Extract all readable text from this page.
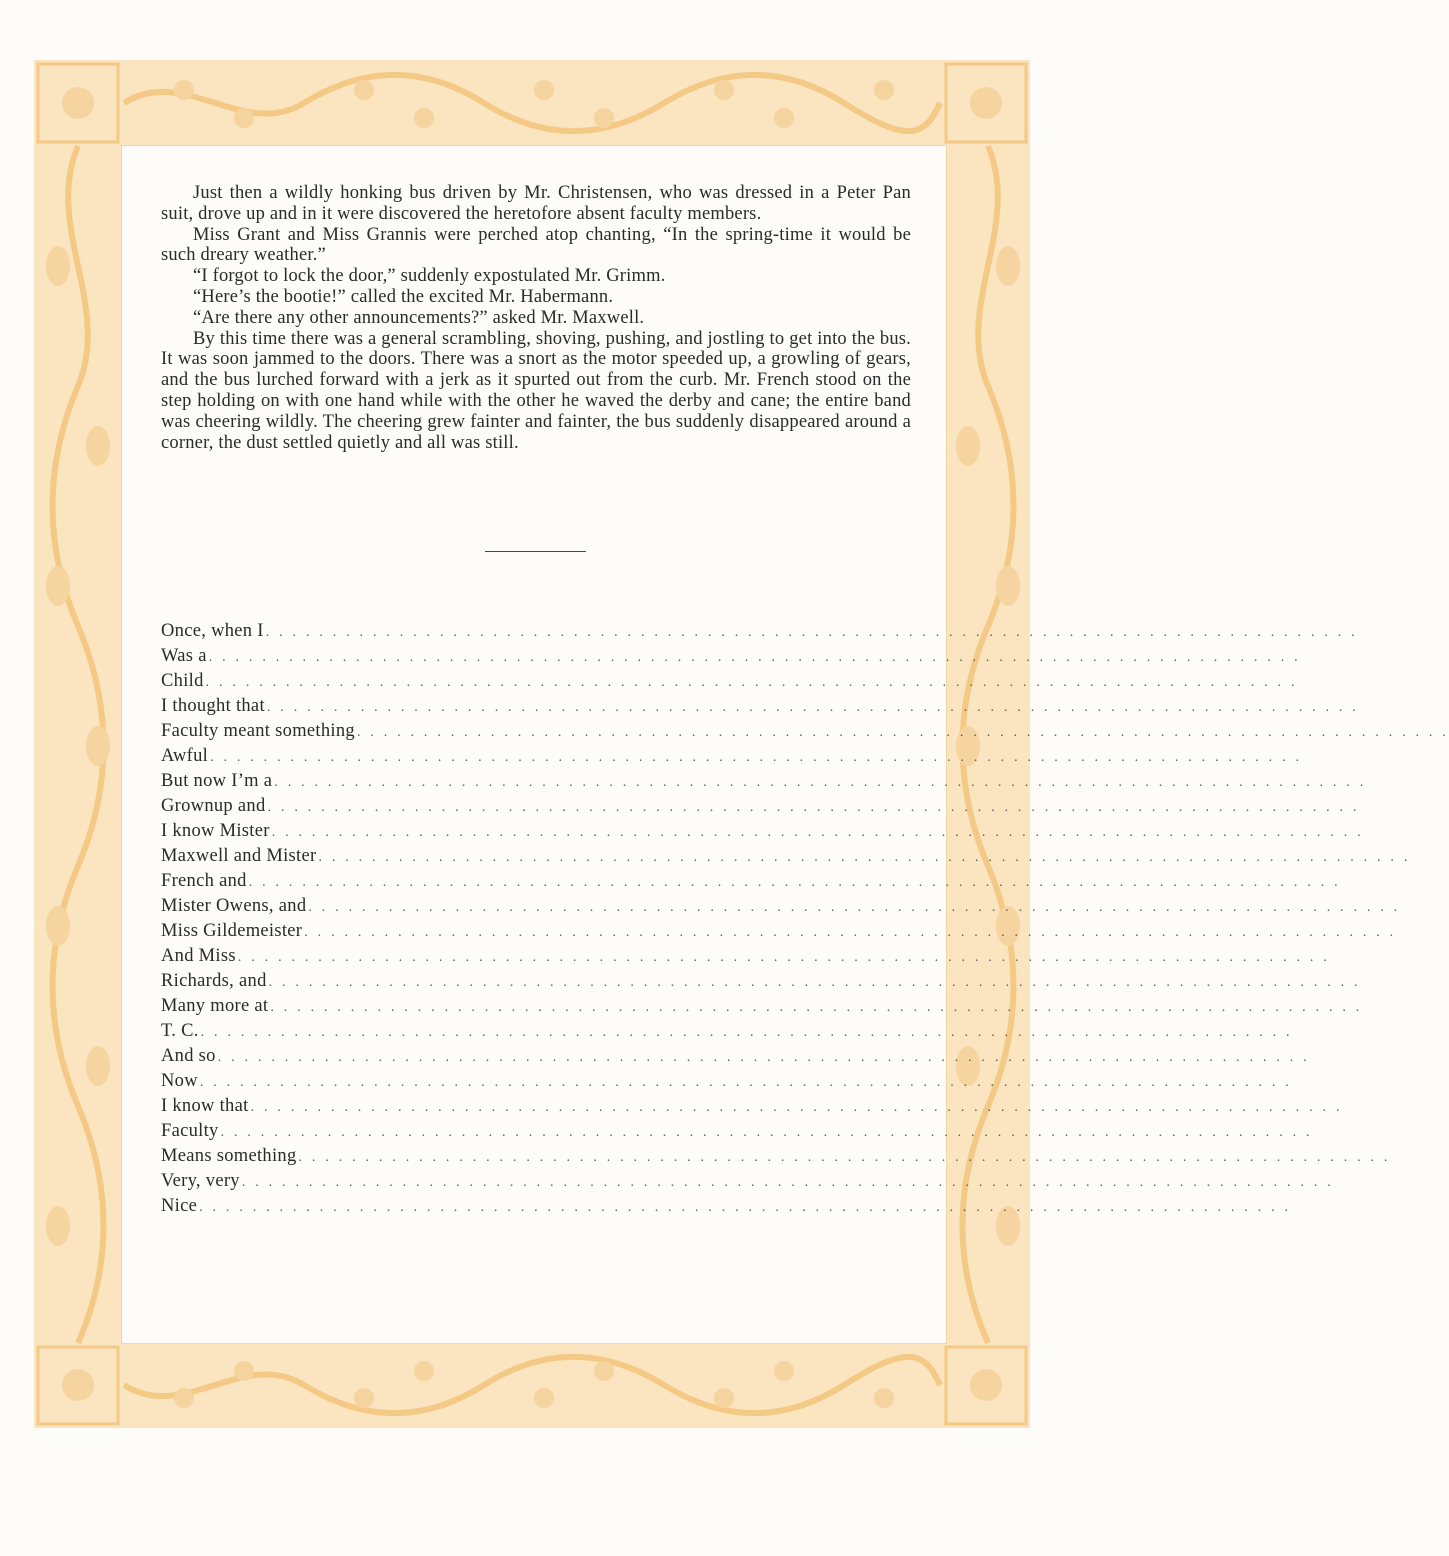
Just then a wildly honking bus driven by Mr. Christensen, who was dressed in a Peter Pan suit, drove up and in it were discovered the heretofore absent faculty members.

Miss Grant and Miss Grannis were perched atop chanting, “In the spring-time it would be such dreary weather.”

“I forgot to lock the door,” suddenly expostulated Mr. Grimm.

“Here’s the bootie!” called the excited Mr. Habermann.

“Are there any other announcements?” asked Mr. Maxwell.

By this time there was a general scrambling, shoving, pushing, and jostling to get into the bus. It was soon jammed to the doors. There was a snort as the motor speeded up, a growling of gears, and the bus lurched forward with a jerk as it spurted out from the curb. Mr. French stood on the step holding on with one hand while with the other he waved the derby and cane; the entire band was cheering wildly. The cheering grew fainter and fainter, the bus suddenly disappeared around a corner, the dust settled quietly and all was still.

Once, when I . . . . . . . . . . . . . . . . . . . . . . . . . . . . . . . . . . . . . . . . . . . . . . . . . . . . . . . . . . . . . . . . . . . . . . . . . . . . . . . . . .
Was a . . . . . . . . . . . . . . . . . . . . . . . . . . . . . . . . . . . . . . . . . . . . . . . . . . . . . . . . . . . . . . . . . . . . . . . . . . . . . . . . . .
Child . . . . . . . . . . . . . . . . . . . . . . . . . . . . . . . . . . . . . . . . . . . . . . . . . . . . . . . . . . . . . . . . . . . . . . . . . . . . . . . . . .
I thought that . . . . . . . . . . . . . . . . . . . . . . . . . . . . . . . . . . . . . . . . . . . . . . . . . . . . . . . . . . . . . . . . . . . . . . . . . . . . . . . . . .
Faculty meant something . . . . . . . . . . . . . . . . . . . . . . . . . . . . . . . . . . . . . . . . . . . . . . . . . . . . . . . . . . . . . . . . . . . . . . . . . . . . . . . . . .
Awful . . . . . . . . . . . . . . . . . . . . . . . . . . . . . . . . . . . . . . . . . . . . . . . . . . . . . . . . . . . . . . . . . . . . . . . . . . . . . . . . . .
But now I’m a . . . . . . . . . . . . . . . . . . . . . . . . . . . . . . . . . . . . . . . . . . . . . . . . . . . . . . . . . . . . . . . . . . . . . . . . . . . . . . . . . .
Grownup and . . . . . . . . . . . . . . . . . . . . . . . . . . . . . . . . . . . . . . . . . . . . . . . . . . . . . . . . . . . . . . . . . . . . . . . . . . . . . . . . . .
I know Mister . . . . . . . . . . . . . . . . . . . . . . . . . . . . . . . . . . . . . . . . . . . . . . . . . . . . . . . . . . . . . . . . . . . . . . . . . . . . . . . . . .
Maxwell and Mister . . . . . . . . . . . . . . . . . . . . . . . . . . . . . . . . . . . . . . . . . . . . . . . . . . . . . . . . . . . . . . . . . . . . . . . . . . . . . . . . . .
French and . . . . . . . . . . . . . . . . . . . . . . . . . . . . . . . . . . . . . . . . . . . . . . . . . . . . . . . . . . . . . . . . . . . . . . . . . . . . . . . . . .
Mister Owens, and . . . . . . . . . . . . . . . . . . . . . . . . . . . . . . . . . . . . . . . . . . . . . . . . . . . . . . . . . . . . . . . . . . . . . . . . . . . . . . . . . .
Miss Gildemeister . . . . . . . . . . . . . . . . . . . . . . . . . . . . . . . . . . . . . . . . . . . . . . . . . . . . . . . . . . . . . . . . . . . . . . . . . . . . . . . . . .
And Miss . . . . . . . . . . . . . . . . . . . . . . . . . . . . . . . . . . . . . . . . . . . . . . . . . . . . . . . . . . . . . . . . . . . . . . . . . . . . . . . . . .
Richards, and . . . . . . . . . . . . . . . . . . . . . . . . . . . . . . . . . . . . . . . . . . . . . . . . . . . . . . . . . . . . . . . . . . . . . . . . . . . . . . . . . .
Many more at . . . . . . . . . . . . . . . . . . . . . . . . . . . . . . . . . . . . . . . . . . . . . . . . . . . . . . . . . . . . . . . . . . . . . . . . . . . . . . . . . .
T. C. . . . . . . . . . . . . . . . . . . . . . . . . . . . . . . . . . . . . . . . . . . . . . . . . . . . . . . . . . . . . . . . . . . . . . . . . . . . . . . . . . .
And so . . . . . . . . . . . . . . . . . . . . . . . . . . . . . . . . . . . . . . . . . . . . . . . . . . . . . . . . . . . . . . . . . . . . . . . . . . . . . . . . . .
Now . . . . . . . . . . . . . . . . . . . . . . . . . . . . . . . . . . . . . . . . . . . . . . . . . . . . . . . . . . . . . . . . . . . . . . . . . . . . . . . . . .
I know that . . . . . . . . . . . . . . . . . . . . . . . . . . . . . . . . . . . . . . . . . . . . . . . . . . . . . . . . . . . . . . . . . . . . . . . . . . . . . . . . . .
Faculty . . . . . . . . . . . . . . . . . . . . . . . . . . . . . . . . . . . . . . . . . . . . . . . . . . . . . . . . . . . . . . . . . . . . . . . . . . . . . . . . . .
Means something . . . . . . . . . . . . . . . . . . . . . . . . . . . . . . . . . . . . . . . . . . . . . . . . . . . . . . . . . . . . . . . . . . . . . . . . . . . . . . . . . .
Very, very . . . . . . . . . . . . . . . . . . . . . . . . . . . . . . . . . . . . . . . . . . . . . . . . . . . . . . . . . . . . . . . . . . . . . . . . . . . . . . . . . .
Nice . . . . . . . . . . . . . . . . . . . . . . . . . . . . . . . . . . . . . . . . . . . . . . . . . . . . . . . . . . . . . . . . . . . . . . . . . . . . . . . . . .
